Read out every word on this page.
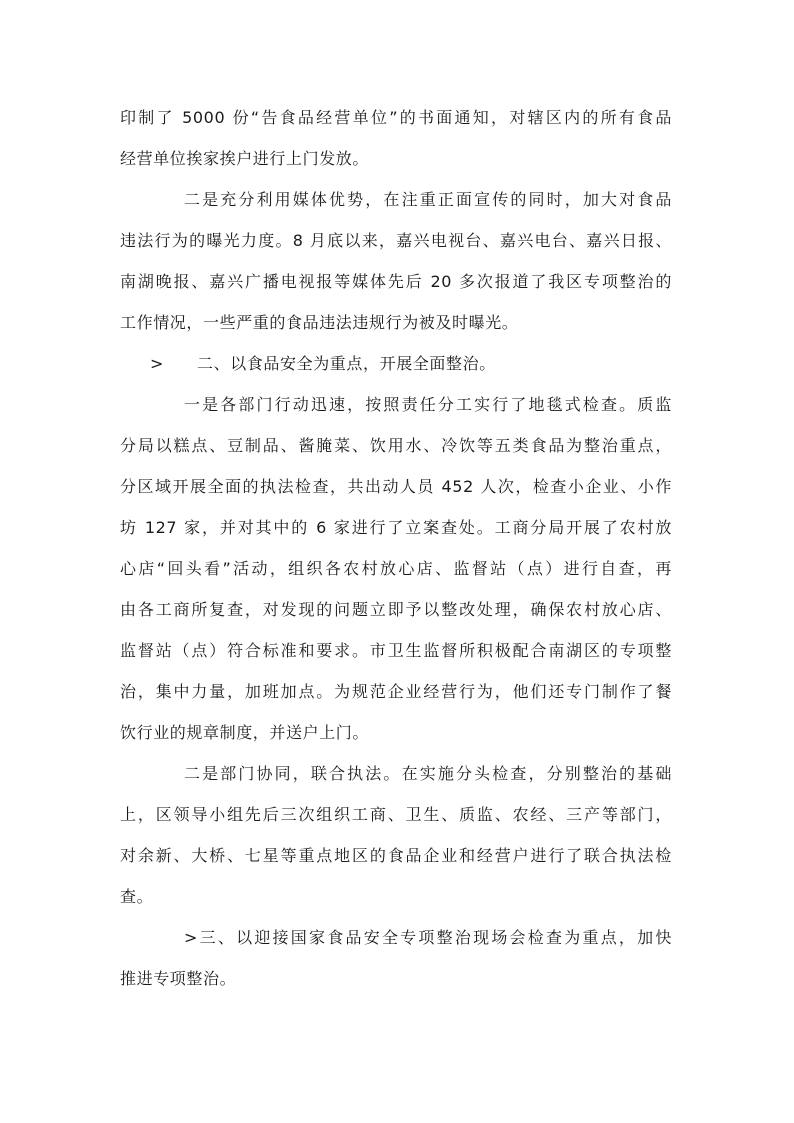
印制了 5000 份“告食品经营单位”的书面通知，对辖区内的所有食品
经营单位挨家挨户进行上门发放。
二是充分利用媒体优势，在注重正面宣传的同时，加大对食品
违法行为的曝光力度。8 月底以来，嘉兴电视台、嘉兴电台、嘉兴日报、
南湖晚报、嘉兴广播电视报等媒体先后 20 多次报道了我区专项整治的
工作情况，一些严重的食品违法违规行为被及时曝光。
> 二、以食品安全为重点，开展全面整治。
一是各部门行动迅速，按照责任分工实行了地毯式检查。质监
分局以糕点、豆制品、酱腌菜、饮用水、冷饮等五类食品为整治重点，
分区域开展全面的执法检查，共出动人员 452 人次，检查小企业、小作
坊 127 家，并对其中的 6 家进行了立案查处。工商分局开展了农村放
心店“回头看”活动，组织各农村放心店、监督站（点）进行自查，再
由各工商所复查，对发现的问题立即予以整改处理，确保农村放心店、
监督站（点）符合标准和要求。市卫生监督所积极配合南湖区的专项整
治，集中力量，加班加点。为规范企业经营行为，他们还专门制作了餐
饮行业的规章制度，并送户上门。
二是部门协同，联合执法。在实施分头检查，分别整治的基础
上，区领导小组先后三次组织工商、卫生、质监、农经、三产等部门，
对余新、大桥、七星等重点地区的食品企业和经营户进行了联合执法检
查。
>三、以迎接国家食品安全专项整治现场会检查为重点，加快
推进专项整治。
